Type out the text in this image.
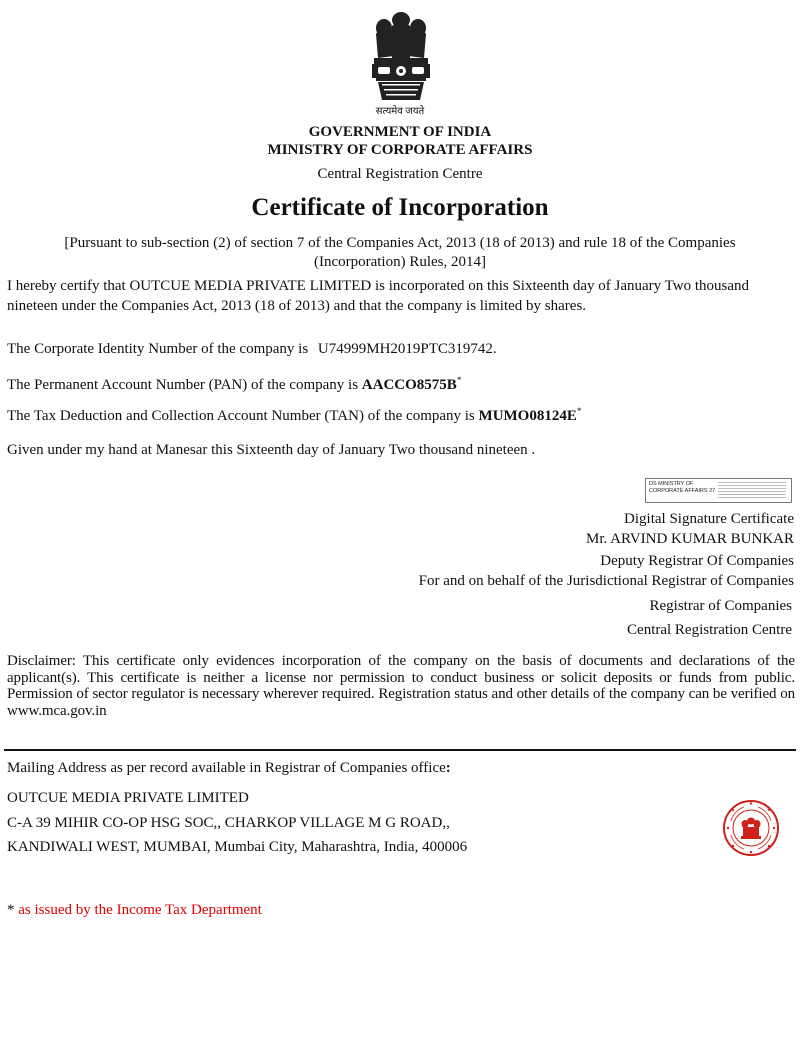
सत्यमेव जयते
GOVERNMENT OF INDIA
MINISTRY OF CORPORATE AFFAIRS
Central Registration Centre
Certificate of Incorporation
[Pursuant to sub-section (2) of section 7 of the Companies Act, 2013 (18 of 2013) and rule 18 of the Companies (Incorporation) Rules, 2014]
I hereby certify that OUTCUE MEDIA PRIVATE LIMITED is incorporated on this Sixteenth day of January Two thousand nineteen under the Companies Act, 2013 (18 of 2013) and that the company is limited by shares.
The Corporate Identity Number of the company is U74999MH2019PTC319742.
The Permanent Account Number (PAN) of the company is AACCO8575B*
The Tax Deduction and Collection Account Number (TAN) of the company is MUMO08124E*
Given under my hand at Manesar this Sixteenth day of January Two thousand nineteen .
DS MINISTRY OF
CORPORATE AFFAIRS 27
Digital Signature Certificate
Mr. ARVIND KUMAR BUNKAR
Deputy Registrar Of Companies
For and on behalf of the Jurisdictional Registrar of Companies
Registrar of Companies
Central Registration Centre
Disclaimer: This certificate only evidences incorporation of the company on the basis of documents and declarations of the applicant(s). This certificate is neither a license nor permission to conduct business or solicit deposits or funds from public. Permission of sector regulator is necessary wherever required. Registration status and other details of the company can be verified on www.mca.gov.in
Mailing Address as per record available in Registrar of Companies office:
OUTCUE MEDIA PRIVATE LIMITED
C-A 39 MIHIR CO-OP HSG SOC,, CHARKOP VILLAGE M G ROAD,,
KANDIWALI WEST, MUMBAI, Mumbai City, Maharashtra, India, 400006
* as issued by the Income Tax Department
